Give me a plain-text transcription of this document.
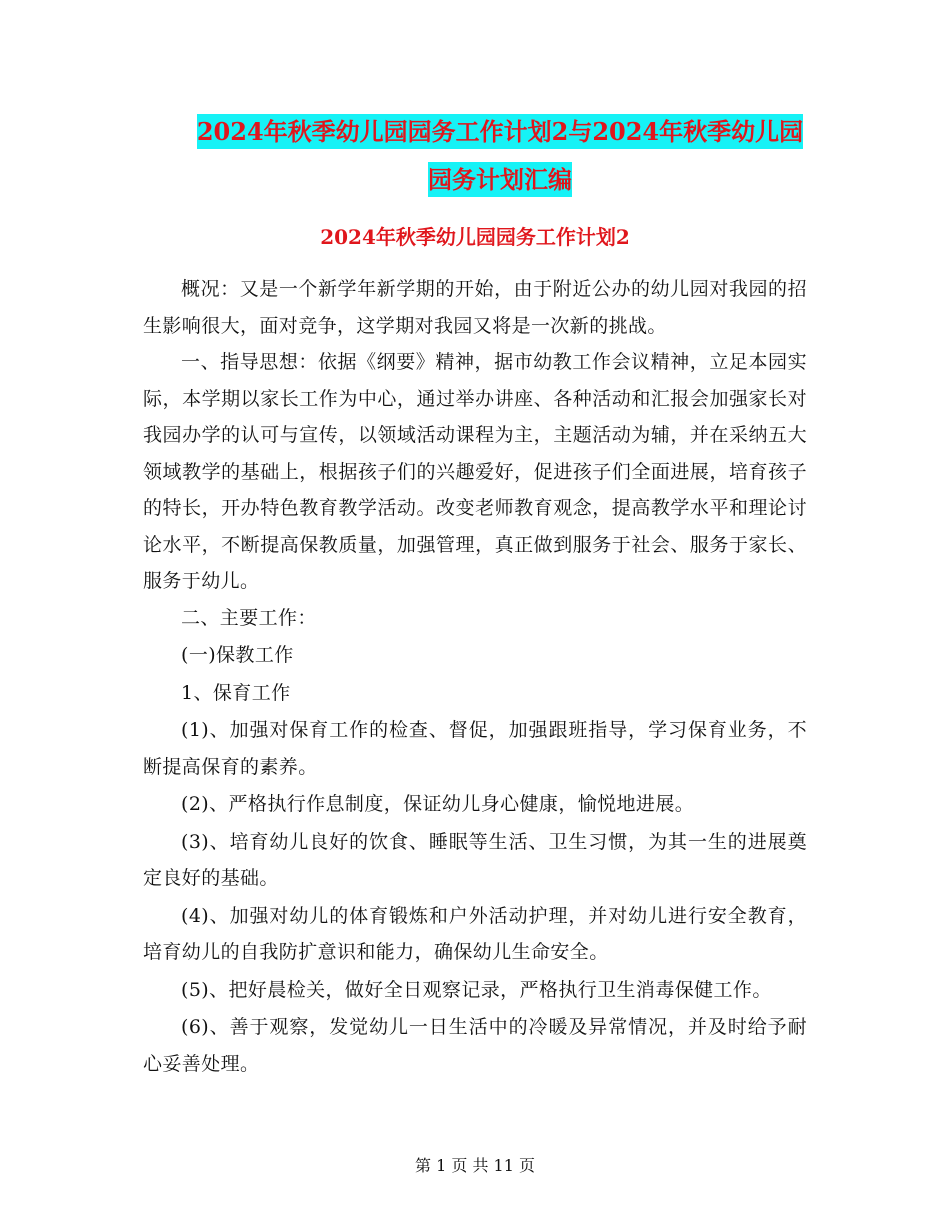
2024年秋季幼儿园园务工作计划2与2024年秋季幼儿园园务计划汇编
2024年秋季幼儿园园务工作计划2

概况：又是一个新学年新学期的开始，由于附近公办的幼儿园对我园的招生影响很大，面对竞争，这学期对我园又将是一次新的挑战。

一、指导思想：依据《纲要》精神，据市幼教工作会议精神，立足本园实际，本学期以家长工作为中心，通过举办讲座、各种活动和汇报会加强家长对我园办学的认可与宣传，以领域活动课程为主，主题活动为辅，并在采纳五大领域教学的基础上，根据孩子们的兴趣爱好，促进孩子们全面进展，培育孩子的特长，开办特色教育教学活动。改变老师教育观念，提高教学水平和理论讨论水平，不断提高保教质量，加强管理，真正做到服务于社会、服务于家长、服务于幼儿。

二、主要工作：

(一)保教工作

1、保育工作

(1)、加强对保育工作的检查、督促，加强跟班指导，学习保育业务，不断提高保育的素养。

(2)、严格执行作息制度，保证幼儿身心健康，愉悦地进展。

(3)、培育幼儿良好的饮食、睡眠等生活、卫生习惯，为其一生的进展奠定良好的基础。

(4)、加强对幼儿的体育锻炼和户外活动护理，并对幼儿进行安全教育，培育幼儿的自我防扩意识和能力，确保幼儿生命安全。

(5)、把好晨检关，做好全日观察记录，严格执行卫生消毒保健工作。

(6)、善于观察，发觉幼儿一日生活中的冷暖及异常情况，并及时给予耐心妥善处理。

第 1 页 共 11 页
